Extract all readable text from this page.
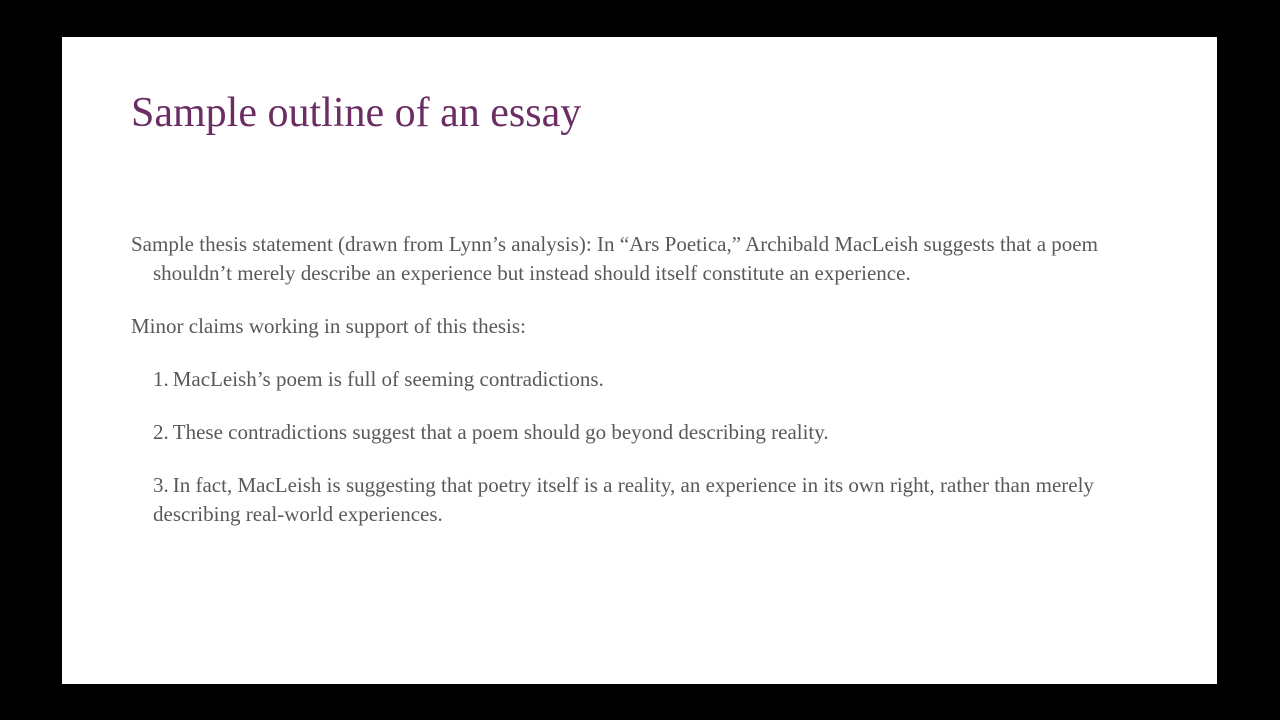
Sample outline of an essay

Sample thesis statement (drawn from Lynn’s analysis): In “Ars Poetica,” Archibald MacLeish suggests that a poem shouldn’t merely describe an experience but instead should itself constitute an experience.

Minor claims working in support of this thesis:

1. MacLeish’s poem is full of seeming contradictions.
2. These contradictions suggest that a poem should go beyond describing reality.
3. In fact, MacLeish is suggesting that poetry itself is a reality, an experience in its own right, rather than merely describing real-world experiences.
